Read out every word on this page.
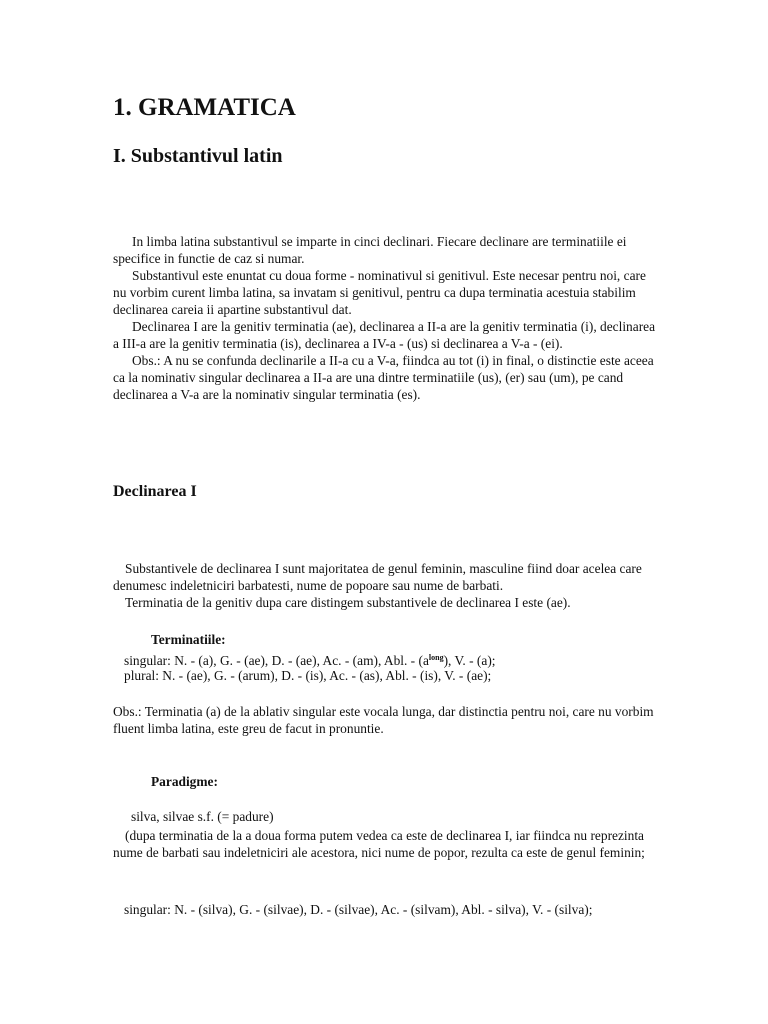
1. GRAMATICA
I. Substantivul latin

In limba latina substantivul se imparte in cinci declinari. Fiecare declinare are terminatiile ei specifice in functie de caz si numar.

Substantivul este enuntat cu doua forme - nominativul si genitivul. Este necesar pentru noi, care nu vorbim curent limba latina, sa invatam si genitivul, pentru ca dupa terminatia acestuia stabilim declinarea careia ii apartine substantivul dat.

Declinarea I are la genitiv terminatia (ae), declinarea a II-a are la genitiv terminatia (i), declinarea a III-a are la genitiv terminatia (is), declinarea a IV-a - (us) si declinarea a V-a - (ei).

Obs.: A nu se confunda declinarile a II-a cu a V-a, fiindca au tot (i) in final, o distinctie este aceea ca la nominativ singular declinarea a II-a are una dintre terminatiile (us), (er) sau (um), pe cand declinarea a V-a are la nominativ singular terminatia (es).

Declinarea I

Substantivele de declinarea I sunt majoritatea de genul feminin, masculine fiind doar acelea care denumesc indeletniciri barbatesti, nume de popoare sau nume de barbati.

Terminatia de la genitiv dupa care distingem substantivele de declinarea I este (ae).

Terminatiile:
singular: N. - (a), G. - (ae), D. - (ae), Ac. - (am), Abl. - $(a^{long})$, V. - (a);
plural: N. - (ae), G. - (arum), D. - (is), Ac. - (as), Abl. - (is), V. - (ae);

Obs.: Terminatia (a) de la ablativ singular este vocala lunga, dar distinctia pentru noi, care nu vorbim fluent limba latina, este greu de facut in pronuntie.

Paradigme:
silva, silvae s.f. (= padure)

(dupa terminatia de la a doua forma putem vedea ca este de declinarea I, iar fiindca nu reprezinta nume de barbati sau indeletniciri ale acestora, nici nume de popor, rezulta ca este de genul feminin;

singular: N. - (silva), G. - (silvae), D. - (silvae), Ac. - (silvam), Abl. - silva), V. - (silva);
